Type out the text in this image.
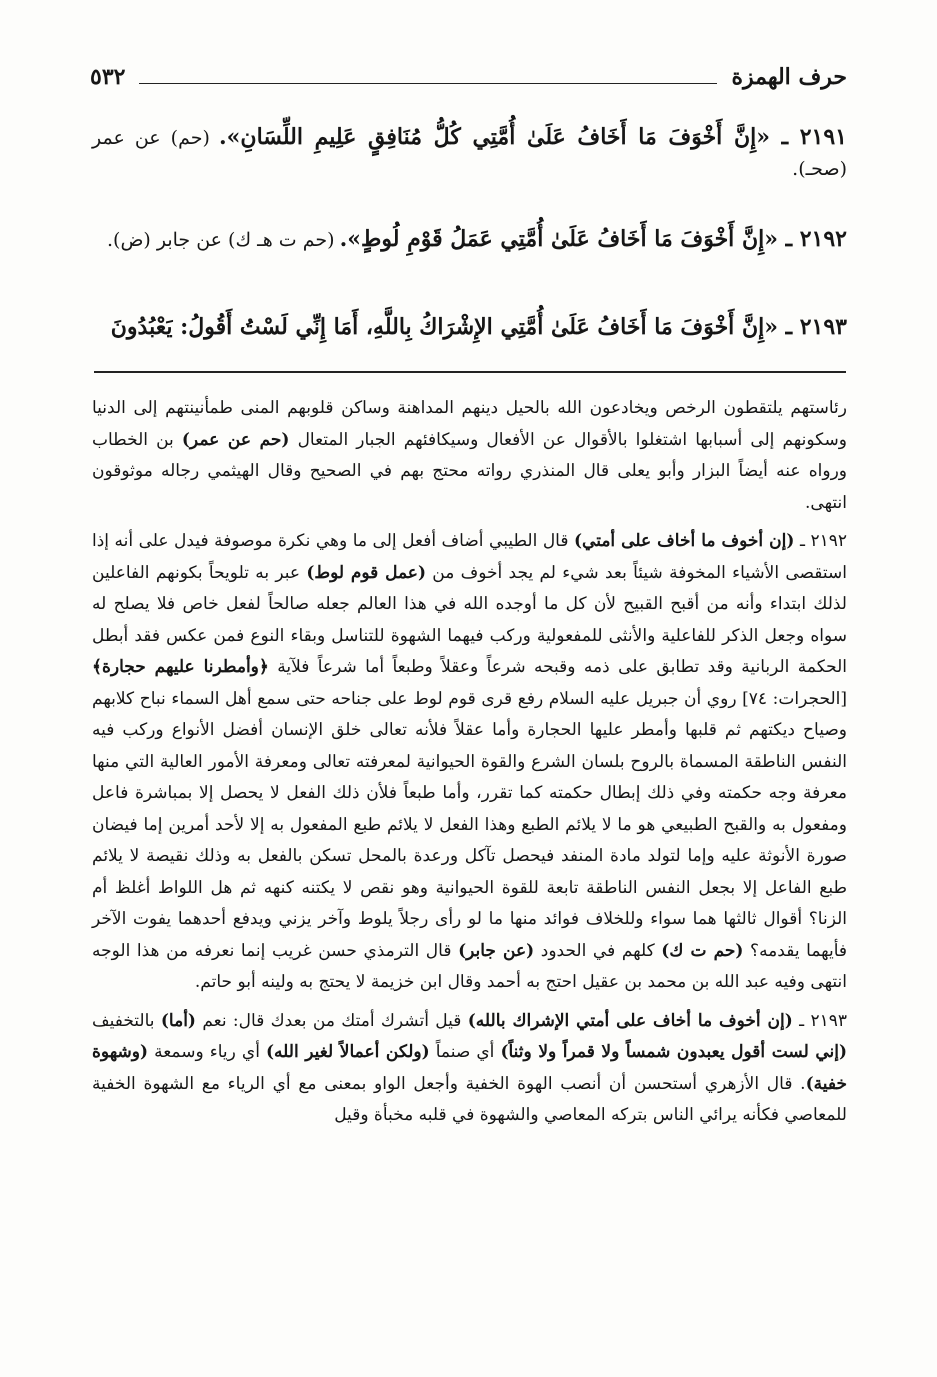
حرف الهمزة
٥٣٢
٢١٩١ ـ «إِنَّ أَخْوَفَ مَا أَخَافُ عَلَىٰ أُمَّتِي كُلُّ مُنَافِقٍ عَلِيمِ اللِّسَانِ». (حم) عن عمر (صحـ).
٢١٩٢ ـ «إِنَّ أَخْوَفَ مَا أَخَافُ عَلَىٰ أُمَّتِي عَمَلُ قَوْمِ لُوطٍ». (حم ت هـ ك) عن جابر (ض).
٢١٩٣ ـ «إِنَّ أَخْوَفَ مَا أَخَافُ عَلَىٰ أُمَّتِي الإِشْرَاكُ بِاللَّهِ، أَمَا إِنِّي لَسْتُ أَقُولُ: يَعْبُدُونَ

رئاستهم يلتقطون الرخص ويخادعون الله بالحيل دينهم المداهنة وساكن قلوبهم المنى طمأنينتهم إلى الدنيا وسكونهم إلى أسبابها اشتغلوا بالأقوال عن الأفعال وسيكافئهم الجبار المتعال (حم عن عمر) بن الخطاب ورواه عنه أيضاً البزار وأبو يعلى قال المنذري رواته محتج بهم في الصحيح وقال الهيثمي رجاله موثوقون انتهى.

٢١٩٢ ـ (إن أخوف ما أخاف على أمتي) قال الطيبي أضاف أفعل إلى ما وهي نكرة موصوفة فيدل على أنه إذا استقصى الأشياء المخوفة شيئاً بعد شيء لم يجد أخوف من (عمل قوم لوط) عبر به تلويحاً بكونهم الفاعلين لذلك ابتداء وأنه من أقبح القبيح لأن كل ما أوجده الله في هذا العالم جعله صالحاً لفعل خاص فلا يصلح له سواه وجعل الذكر للفاعلية والأنثى للمفعولية وركب فيهما الشهوة للتناسل وبقاء النوع فمن عكس فقد أبطل الحكمة الربانية وقد تطابق على ذمه وقبحه شرعاً وعقلاً وطبعاً أما شرعاً فلآية ﴿وأمطرنا عليهم حجارة﴾ [الحجرات: ٧٤] روي أن جبريل عليه السلام رفع قرى قوم لوط على جناحه حتى سمع أهل السماء نباح كلابهم وصياح ديكتهم ثم قلبها وأمطر عليها الحجارة وأما عقلاً فلأنه تعالى خلق الإنسان أفضل الأنواع وركب فيه النفس الناطقة المسماة بالروح بلسان الشرع والقوة الحيوانية لمعرفته تعالى ومعرفة الأمور العالية التي منها معرفة وجه حكمته وفي ذلك إبطال حكمته كما تقرر، وأما طبعاً فلأن ذلك الفعل لا يحصل إلا بمباشرة فاعل ومفعول به والقبح الطبيعي هو ما لا يلائم الطبع وهذا الفعل لا يلائم طبع المفعول به إلا لأحد أمرين إما فيضان صورة الأنوثة عليه وإما لتولد مادة المنفد فيحصل تآكل ورعدة بالمحل تسكن بالفعل به وذلك نقيصة لا يلائم طبع الفاعل إلا بجعل النفس الناطقة تابعة للقوة الحيوانية وهو نقص لا يكتنه كنهه ثم هل اللواط أغلظ أم الزنا؟ أقوال ثالثها هما سواء وللخلاف فوائد منها ما لو رأى رجلاً يلوط وآخر يزني ويدفع أحدهما يفوت الآخر فأيهما يقدمه؟ (حم ت ك) كلهم في الحدود (عن جابر) قال الترمذي حسن غريب إنما نعرفه من هذا الوجه انتهى وفيه عبد الله بن محمد بن عقيل احتج به أحمد وقال ابن خزيمة لا يحتج به ولينه أبو حاتم.

٢١٩٣ ـ (إن أخوف ما أخاف على أمتي الإشراك بالله) قيل أتشرك أمتك من بعدك قال: نعم (أما) بالتخفيف (إني لست أقول يعبدون شمساً ولا قمراً ولا وثناً) أي صنماً (ولكن أعمالاً لغير الله) أي رياء وسمعة (وشهوة خفية). قال الأزهري أستحسن أن أنصب الهوة الخفية وأجعل الواو بمعنى مع أي الرياء مع الشهوة الخفية للمعاصي فكأنه يرائي الناس بتركه المعاصي والشهوة في قلبه مخبأة وقيل
